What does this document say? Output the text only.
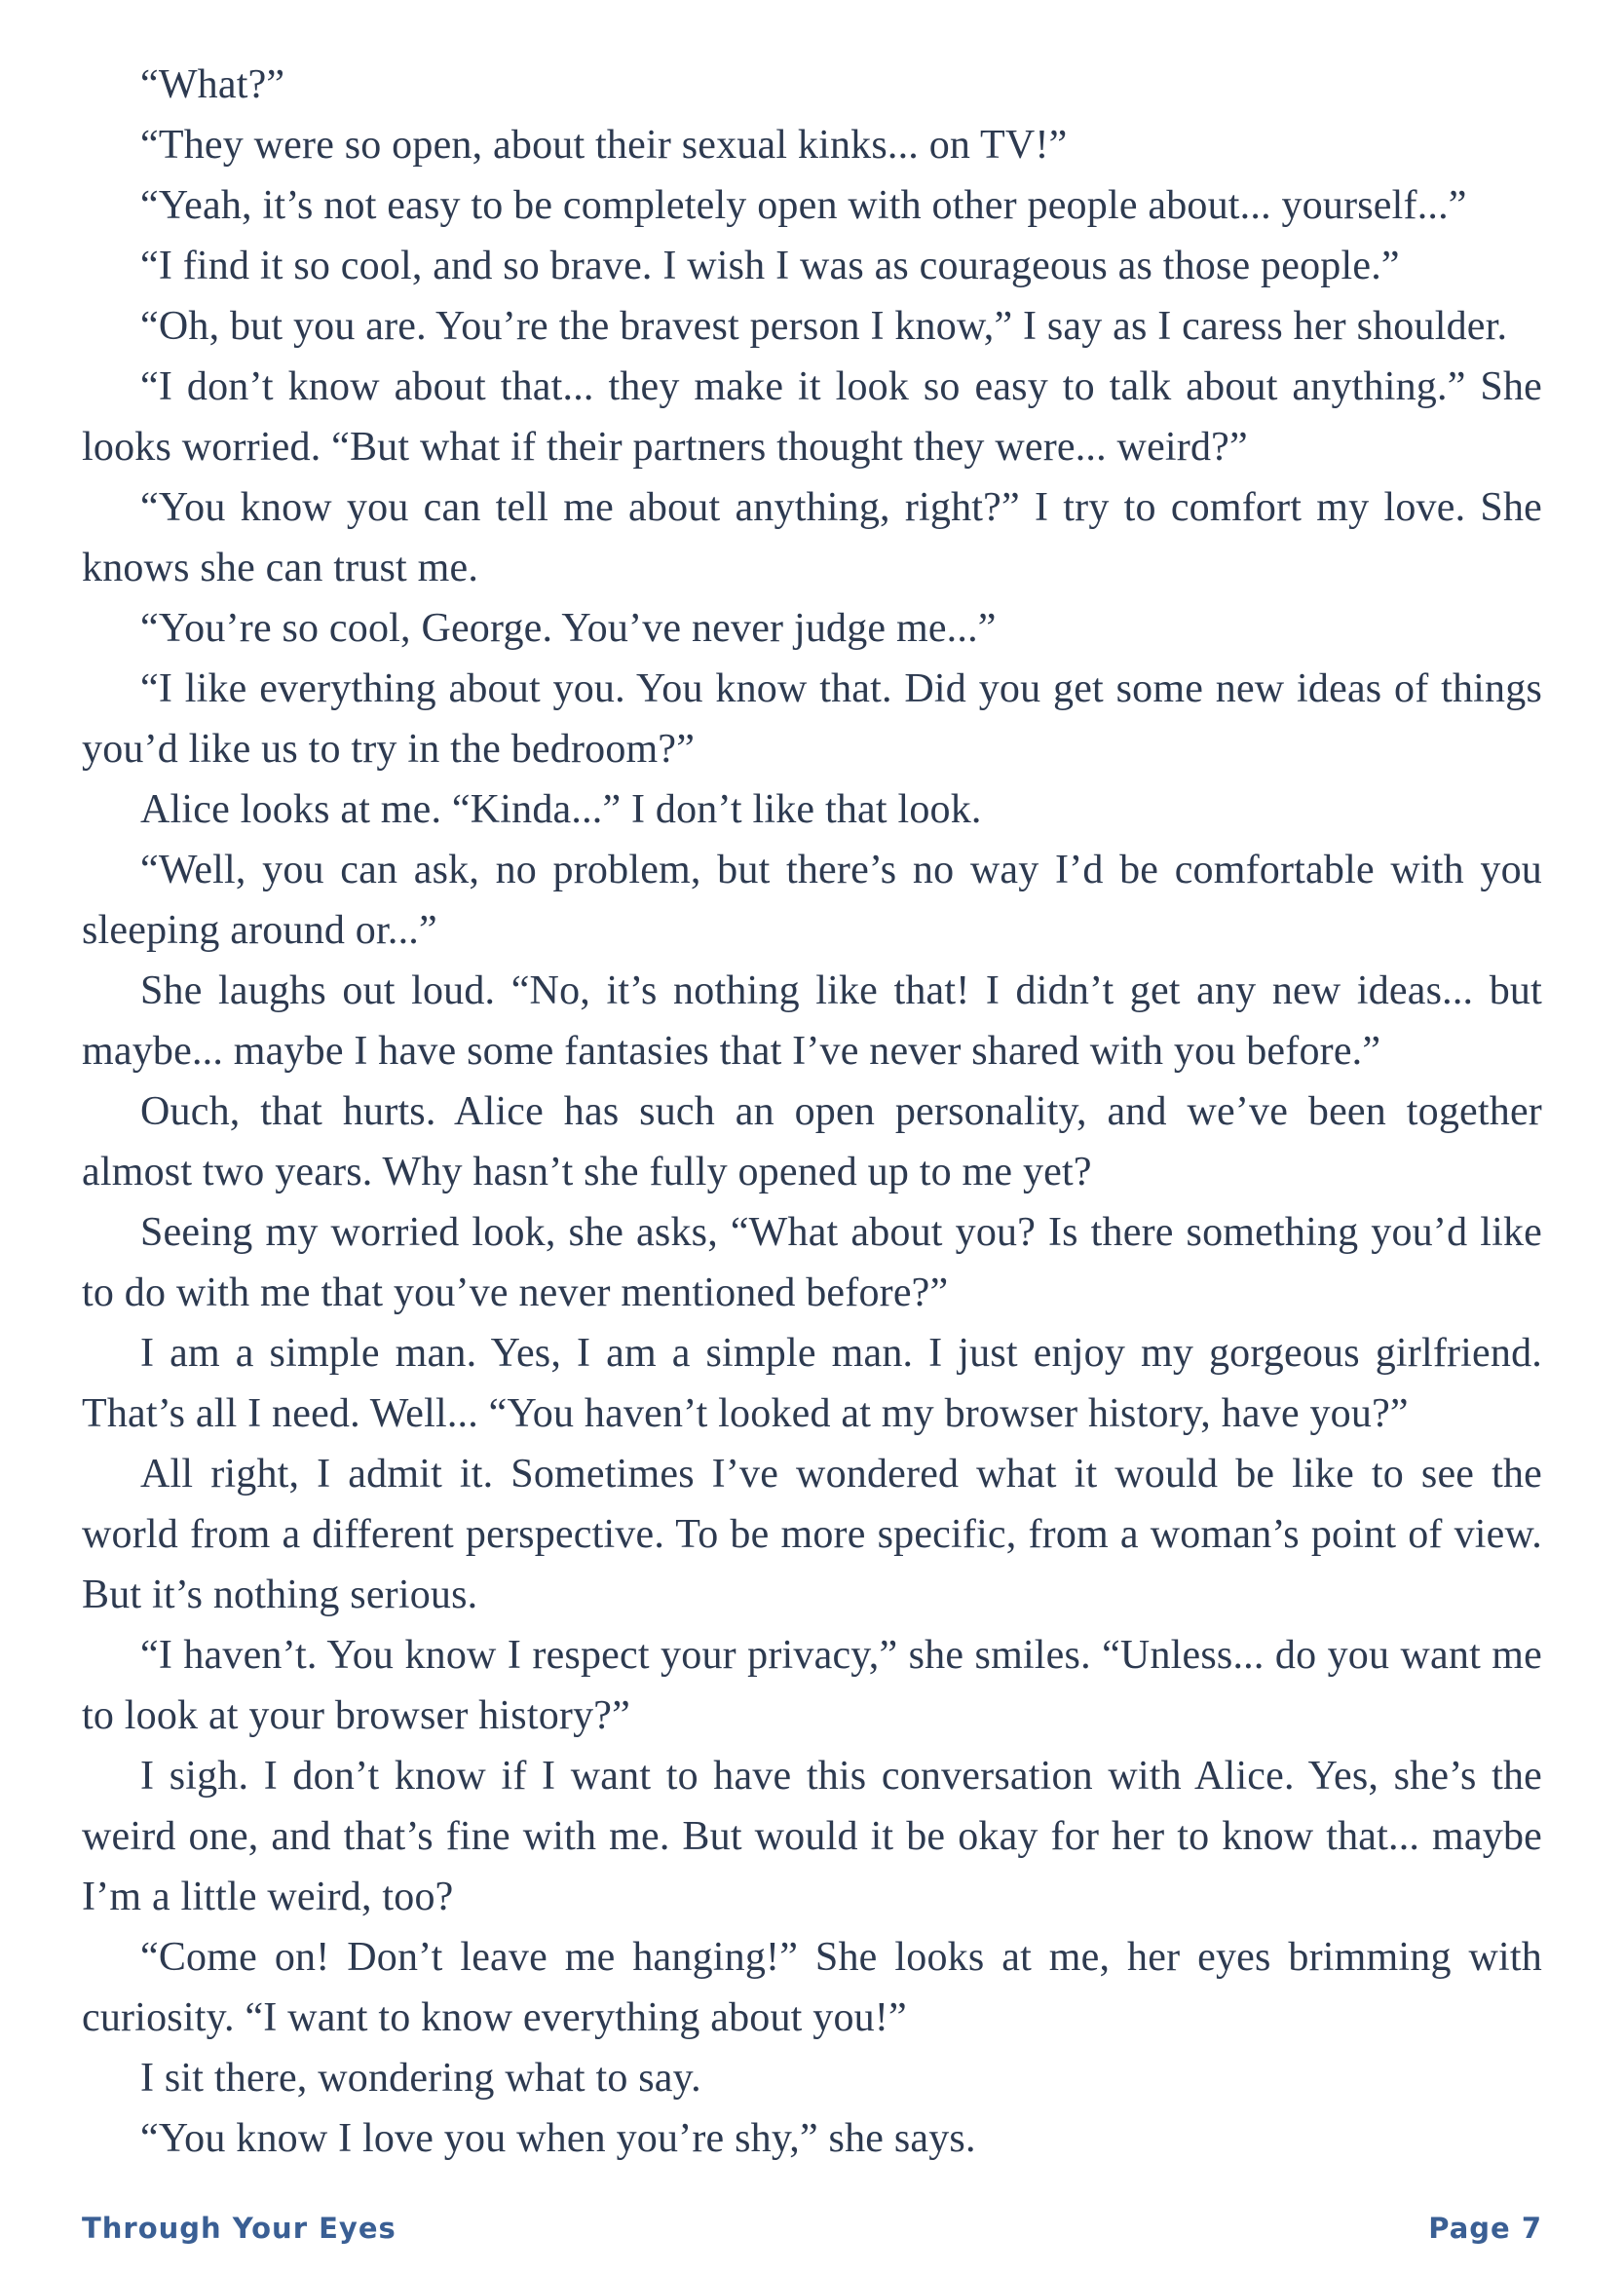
“What?”

“They were so open, about their sexual kinks... on TV!”

“Yeah, it’s not easy to be completely open with other people about... yourself...”

“I find it so cool, and so brave. I wish I was as courageous as those people.”

“Oh, but you are. You’re the bravest person I know,” I say as I caress her shoulder.

“I don’t know about that... they make it look so easy to talk about anything.” She looks worried. “But what if their partners thought they were... weird?”

“You know you can tell me about anything, right?” I try to comfort my love. She knows she can trust me.

“You’re so cool, George. You’ve never judge me...”

“I like everything about you. You know that. Did you get some new ideas of things you’d like us to try in the bedroom?”

Alice looks at me. “Kinda...” I don’t like that look.

“Well, you can ask, no problem, but there’s no way I’d be comfortable with you sleeping around or...”

She laughs out loud. “No, it’s nothing like that! I didn’t get any new ideas... but maybe... maybe I have some fantasies that I’ve never shared with you before.”

Ouch, that hurts. Alice has such an open personality, and we’ve been together almost two years. Why hasn’t she fully opened up to me yet?

Seeing my worried look, she asks, “What about you? Is there something you’d like to do with me that you’ve never mentioned before?”

I am a simple man. Yes, I am a simple man. I just enjoy my gorgeous girlfriend. That’s all I need. Well... “You haven’t looked at my browser history, have you?”

All right, I admit it. Sometimes I’ve wondered what it would be like to see the world from a different perspective. To be more specific, from a woman’s point of view. But it’s nothing serious.

“I haven’t. You know I respect your privacy,” she smiles. “Unless... do you want me to look at your browser history?”

I sigh. I don’t know if I want to have this conversation with Alice. Yes, she’s the weird one, and that’s fine with me. But would it be okay for her to know that... maybe I’m a little weird, too?

“Come on! Don’t leave me hanging!” She looks at me, her eyes brimming with curiosity. “I want to know everything about you!”

I sit there, wondering what to say.

“You know I love you when you’re shy,” she says.

Through Your Eyes	Page 7
